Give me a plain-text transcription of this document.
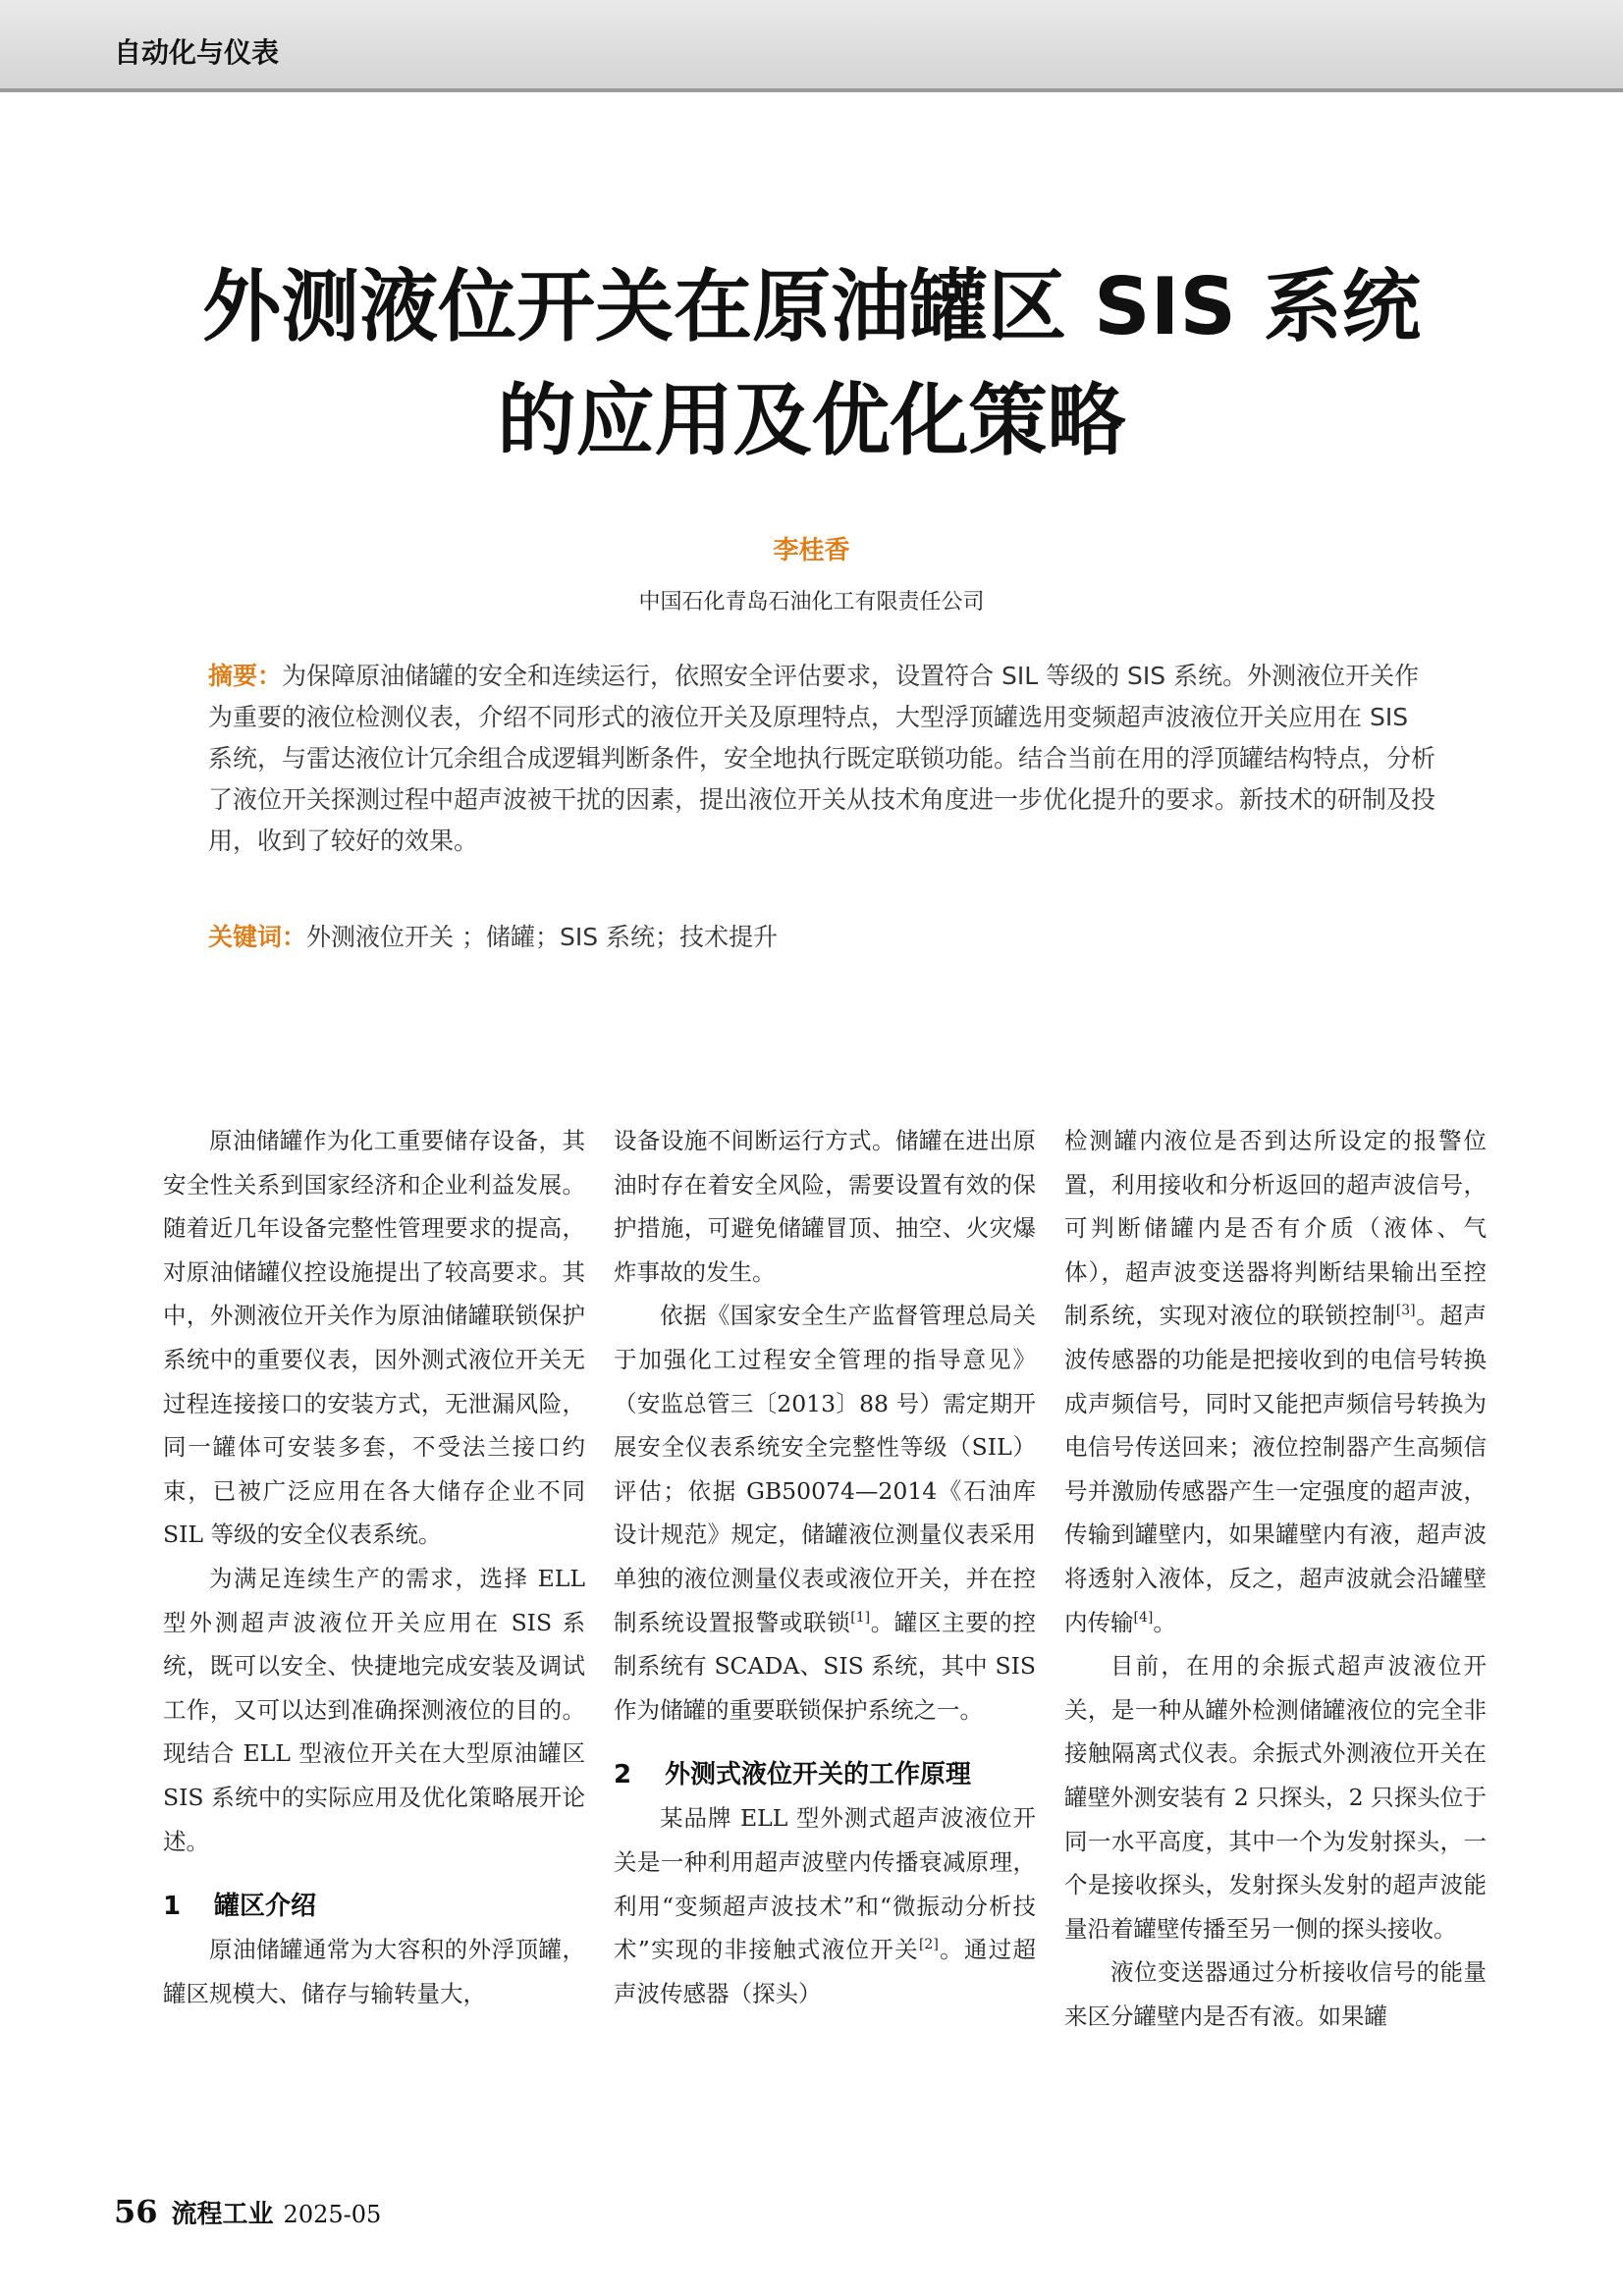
自动化与仪表
外测液位开关在原油罐区 SIS 系统
的应用及优化策略
李桂香
中国石化青岛石油化工有限责任公司

摘要：为保障原油储罐的安全和连续运行，依照安全评估要求，设置符合 SIL 等级的 SIS 系统。外测液位开关作为重要的液位检测仪表，介绍不同形式的液位开关及原理特点，大型浮顶罐选用变频超声波液位开关应用在 SIS 系统，与雷达液位计冗余组合成逻辑判断条件，安全地执行既定联锁功能。结合当前在用的浮顶罐结构特点，分析了液位开关探测过程中超声波被干扰的因素，提出液位开关从技术角度进一步优化提升的要求。新技术的研制及投用，收到了较好的效果。

关键词：外测液位开关 ；储罐；SIS 系统；技术提升

原油储罐作为化工重要储存设备，其安全性关系到国家经济和企业利益发展。随着近几年设备完整性管理要求的提高，对原油储罐仪控设施提出了较高要求。其中，外测液位开关作为原油储罐联锁保护系统中的重要仪表，因外测式液位开关无过程连接接口的安装方式，无泄漏风险，同一罐体可安装多套，不受法兰接口约束，已被广泛应用在各大储存企业不同 SIL 等级的安全仪表系统。

为满足连续生产的需求，选择 ELL 型外测超声波液位开关应用在 SIS 系统，既可以安全、快捷地完成安装及调试工作，又可以达到准确探测液位的目的。现结合 ELL 型液位开关在大型原油罐区 SIS 系统中的实际应用及优化策略展开论述。

1 罐区介绍

原油储罐通常为大容积的外浮顶罐，罐区规模大、储存与输转量大，

设备设施不间断运行方式。储罐在进出原油时存在着安全风险，需要设置有效的保护措施，可避免储罐冒顶、抽空、火灾爆炸事故的发生。

依据《国家安全生产监督管理总局关于加强化工过程安全管理的指导意见》（安监总管三〔2013〕88 号）需定期开展安全仪表系统安全完整性等级（SIL）评估；依据 GB50074—2014《石油库设计规范》规定，储罐液位测量仪表采用单独的液位测量仪表或液位开关，并在控制系统设置报警或联锁[1]。罐区主要的控制系统有 SCADA、SIS 系统，其中 SIS 作为储罐的重要联锁保护系统之一。

2 外测式液位开关的工作原理

某品牌 ELL 型外测式超声波液位开关是一种利用超声波壁内传播衰减原理，利用“变频超声波技术”和“微振动分析技术”实现的非接触式液位开关[2]。通过超声波传感器（探头）

检测罐内液位是否到达所设定的报警位置，利用接收和分析返回的超声波信号，可判断储罐内是否有介质（液体、气体），超声波变送器将判断结果输出至控制系统，实现对液位的联锁控制[3]。超声波传感器的功能是把接收到的电信号转换成声频信号，同时又能把声频信号转换为电信号传送回来；液位控制器产生高频信号并激励传感器产生一定强度的超声波，传输到罐壁内，如果罐壁内有液，超声波将透射入液体，反之，超声波就会沿罐壁内传输[4]。

目前，在用的余振式超声波液位开关，是一种从罐外检测储罐液位的完全非接触隔离式仪表。余振式外测液位开关在罐壁外测安装有 2 只探头，2 只探头位于同一水平高度，其中一个为发射探头，一个是接收探头，发射探头发射的超声波能量沿着罐壁传播至另一侧的探头接收。

液位变送器通过分析接收信号的能量来区分罐壁内是否有液。如果罐

56 流程工业 2025-05
